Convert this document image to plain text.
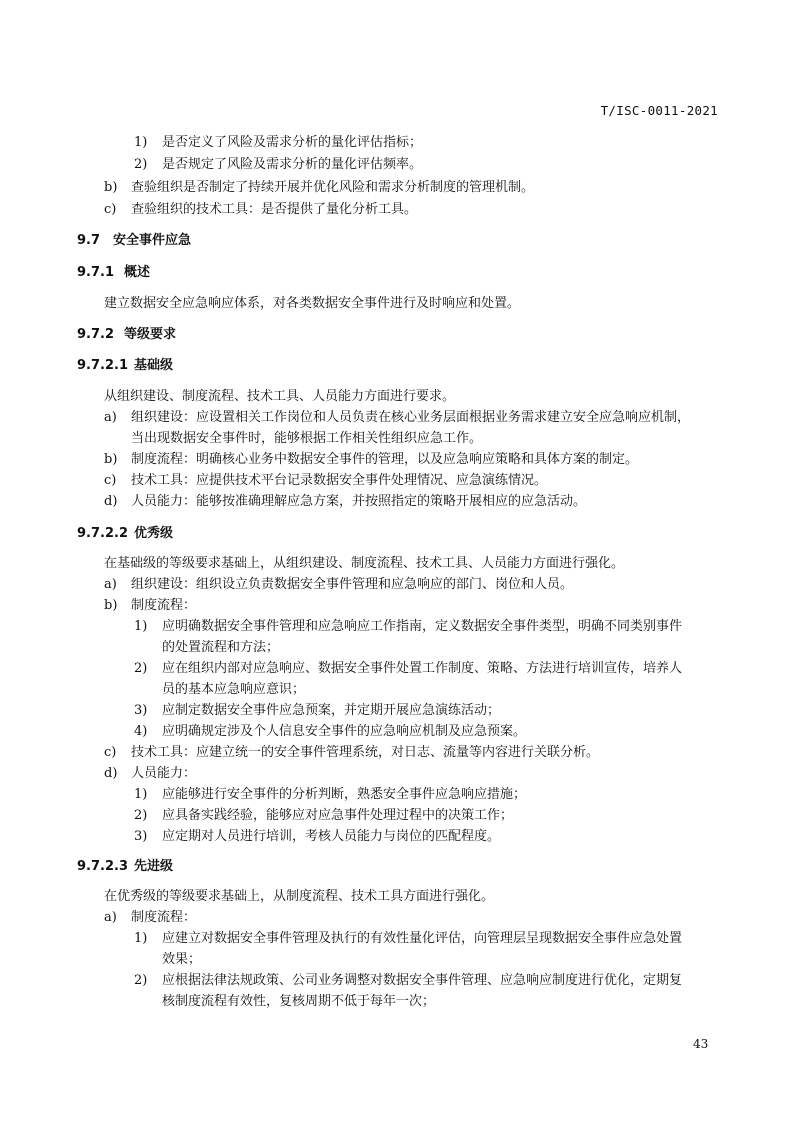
T/ISC-0011-2021
1) 是否定义了风险及需求分析的量化评估指标；
2) 是否规定了风险及需求分析的量化评估频率。
b) 查验组织是否制定了持续开展并优化风险和需求分析制度的管理机制。
c) 查验组织的技术工具：是否提供了量化分析工具。
9.7 安全事件应急
9.7.1 概述
建立数据安全应急响应体系，对各类数据安全事件进行及时响应和处置。
9.7.2 等级要求
9.7.2.1 基础级
从组织建设、制度流程、技术工具、人员能力方面进行要求。
a) 组织建设：应设置相关工作岗位和人员负责在核心业务层面根据业务需求建立安全应急响应机制，
当出现数据安全事件时，能够根据工作相关性组织应急工作。
b) 制度流程：明确核心业务中数据安全事件的管理，以及应急响应策略和具体方案的制定。
c) 技术工具：应提供技术平台记录数据安全事件处理情况、应急演练情况。
d) 人员能力：能够按准确理解应急方案，并按照指定的策略开展相应的应急活动。
9.7.2.2 优秀级
在基础级的等级要求基础上，从组织建设、制度流程、技术工具、人员能力方面进行强化。
a) 组织建设：组织设立负责数据安全事件管理和应急响应的部门、岗位和人员。
b) 制度流程：
1) 应明确数据安全事件管理和应急响应工作指南，定义数据安全事件类型，明确不同类别事件
的处置流程和方法；
2) 应在组织内部对应急响应、数据安全事件处置工作制度、策略、方法进行培训宣传，培养人
员的基本应急响应意识；
3) 应制定数据安全事件应急预案，并定期开展应急演练活动；
4) 应明确规定涉及个人信息安全事件的应急响应机制及应急预案。
c) 技术工具：应建立统一的安全事件管理系统，对日志、流量等内容进行关联分析。
d) 人员能力：
1) 应能够进行安全事件的分析判断，熟悉安全事件应急响应措施；
2) 应具备实践经验，能够应对应急事件处理过程中的决策工作；
3) 应定期对人员进行培训，考核人员能力与岗位的匹配程度。
9.7.2.3 先进级
在优秀级的等级要求基础上，从制度流程、技术工具方面进行强化。
a) 制度流程：
1) 应建立对数据安全事件管理及执行的有效性量化评估，向管理层呈现数据安全事件应急处置
效果；
2) 应根据法律法规政策、公司业务调整对数据安全事件管理、应急响应制度进行优化，定期复
核制度流程有效性，复核周期不低于每年一次；
43
